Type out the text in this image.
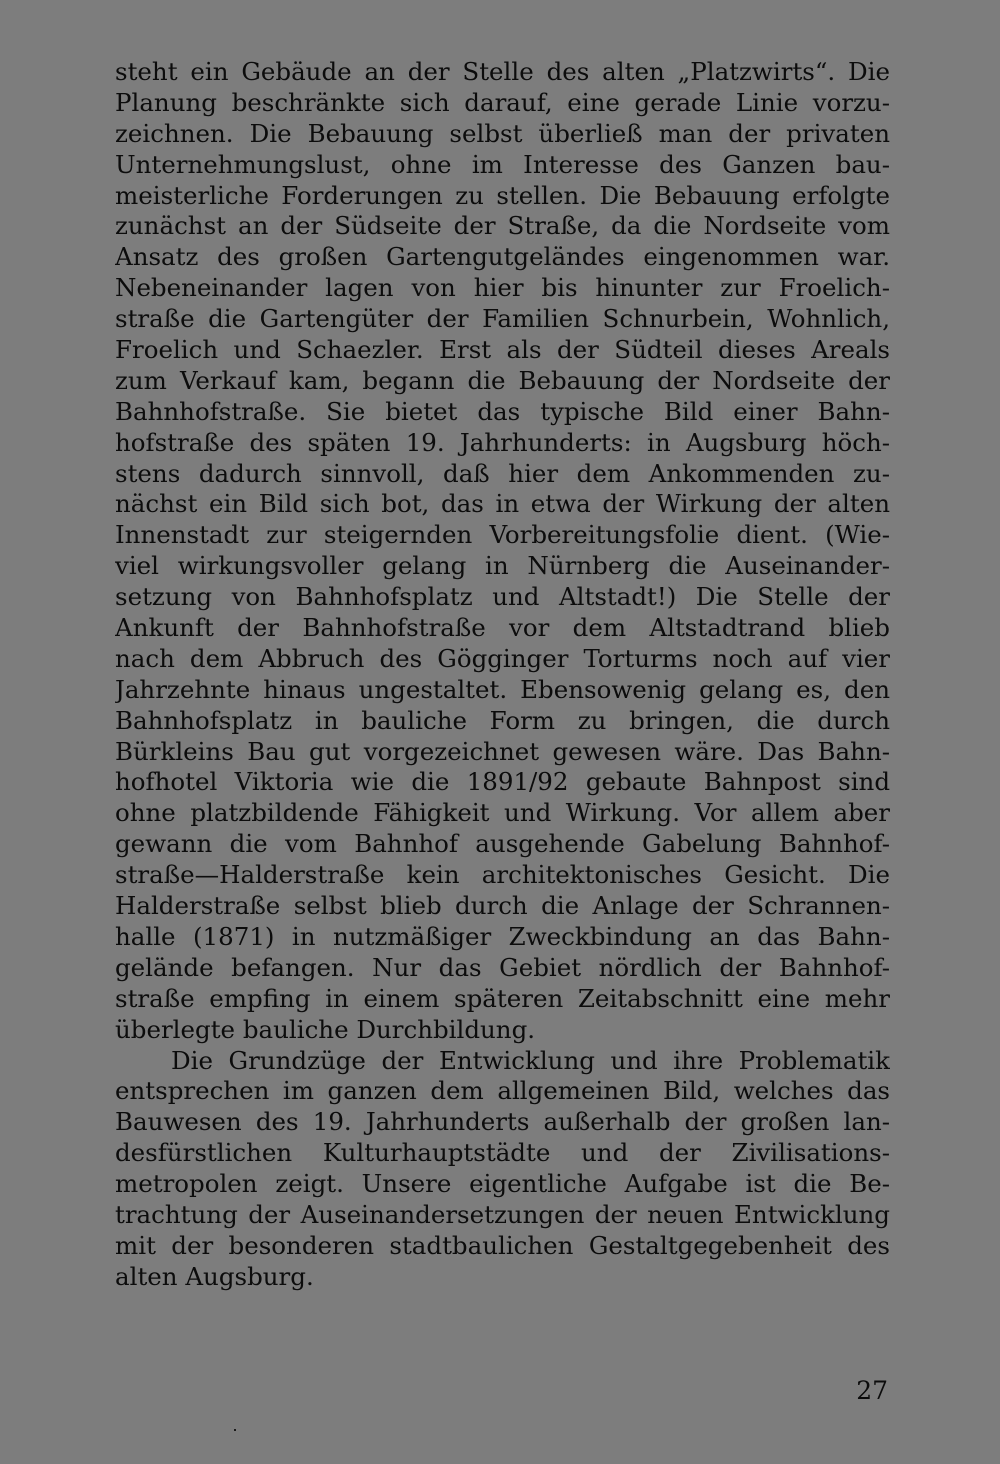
steht ein Gebäude an der Stelle des alten „Platzwirts“. Die
Planung beschränkte sich darauf, eine gerade Linie vorzu-
zeichnen. Die Bebauung selbst überließ man der privaten
Unternehmungslust, ohne im Interesse des Ganzen bau-
meisterliche Forderungen zu stellen. Die Bebauung erfolgte
zunächst an der Südseite der Straße, da die Nordseite vom
Ansatz des großen Gartengutgeländes eingenommen war.
Nebeneinander lagen von hier bis hinunter zur Froelich-
straße die Gartengüter der Familien Schnurbein, Wohnlich,
Froelich und Schaezler. Erst als der Südteil dieses Areals
zum Verkauf kam, begann die Bebauung der Nordseite der
Bahnhofstraße. Sie bietet das typische Bild einer Bahn-
hofstraße des späten 19. Jahrhunderts: in Augsburg höch-
stens dadurch sinnvoll, daß hier dem Ankommenden zu-
nächst ein Bild sich bot, das in etwa der Wirkung der alten
Innenstadt zur steigernden Vorbereitungsfolie dient. (Wie-
viel wirkungsvoller gelang in Nürnberg die Auseinander-
setzung von Bahnhofsplatz und Altstadt!) Die Stelle der
Ankunft der Bahnhofstraße vor dem Altstadtrand blieb
nach dem Abbruch des Gögginger Torturms noch auf vier
Jahrzehnte hinaus ungestaltet. Ebensowenig gelang es, den
Bahnhofsplatz in bauliche Form zu bringen, die durch
Bürkleins Bau gut vorgezeichnet gewesen wäre. Das Bahn-
hofhotel Viktoria wie die 1891/92 gebaute Bahnpost sind
ohne platzbildende Fähigkeit und Wirkung. Vor allem aber
gewann die vom Bahnhof ausgehende Gabelung Bahnhof-
straße—Halderstraße kein architektonisches Gesicht. Die
Halderstraße selbst blieb durch die Anlage der Schrannen-
halle (1871) in nutzmäßiger Zweckbindung an das Bahn-
gelände befangen. Nur das Gebiet nördlich der Bahnhof-
straße empfing in einem späteren Zeitabschnitt eine mehr
überlegte bauliche Durchbildung.
Die Grundzüge der Entwicklung und ihre Problematik
entsprechen im ganzen dem allgemeinen Bild, welches das
Bauwesen des 19. Jahrhunderts außerhalb der großen lan-
desfürstlichen Kulturhauptstädte und der Zivilisations-
metropolen zeigt. Unsere eigentliche Aufgabe ist die Be-
trachtung der Auseinandersetzungen der neuen Entwicklung
mit der besonderen stadtbaulichen Gestaltgegebenheit des
alten Augsburg.
27
